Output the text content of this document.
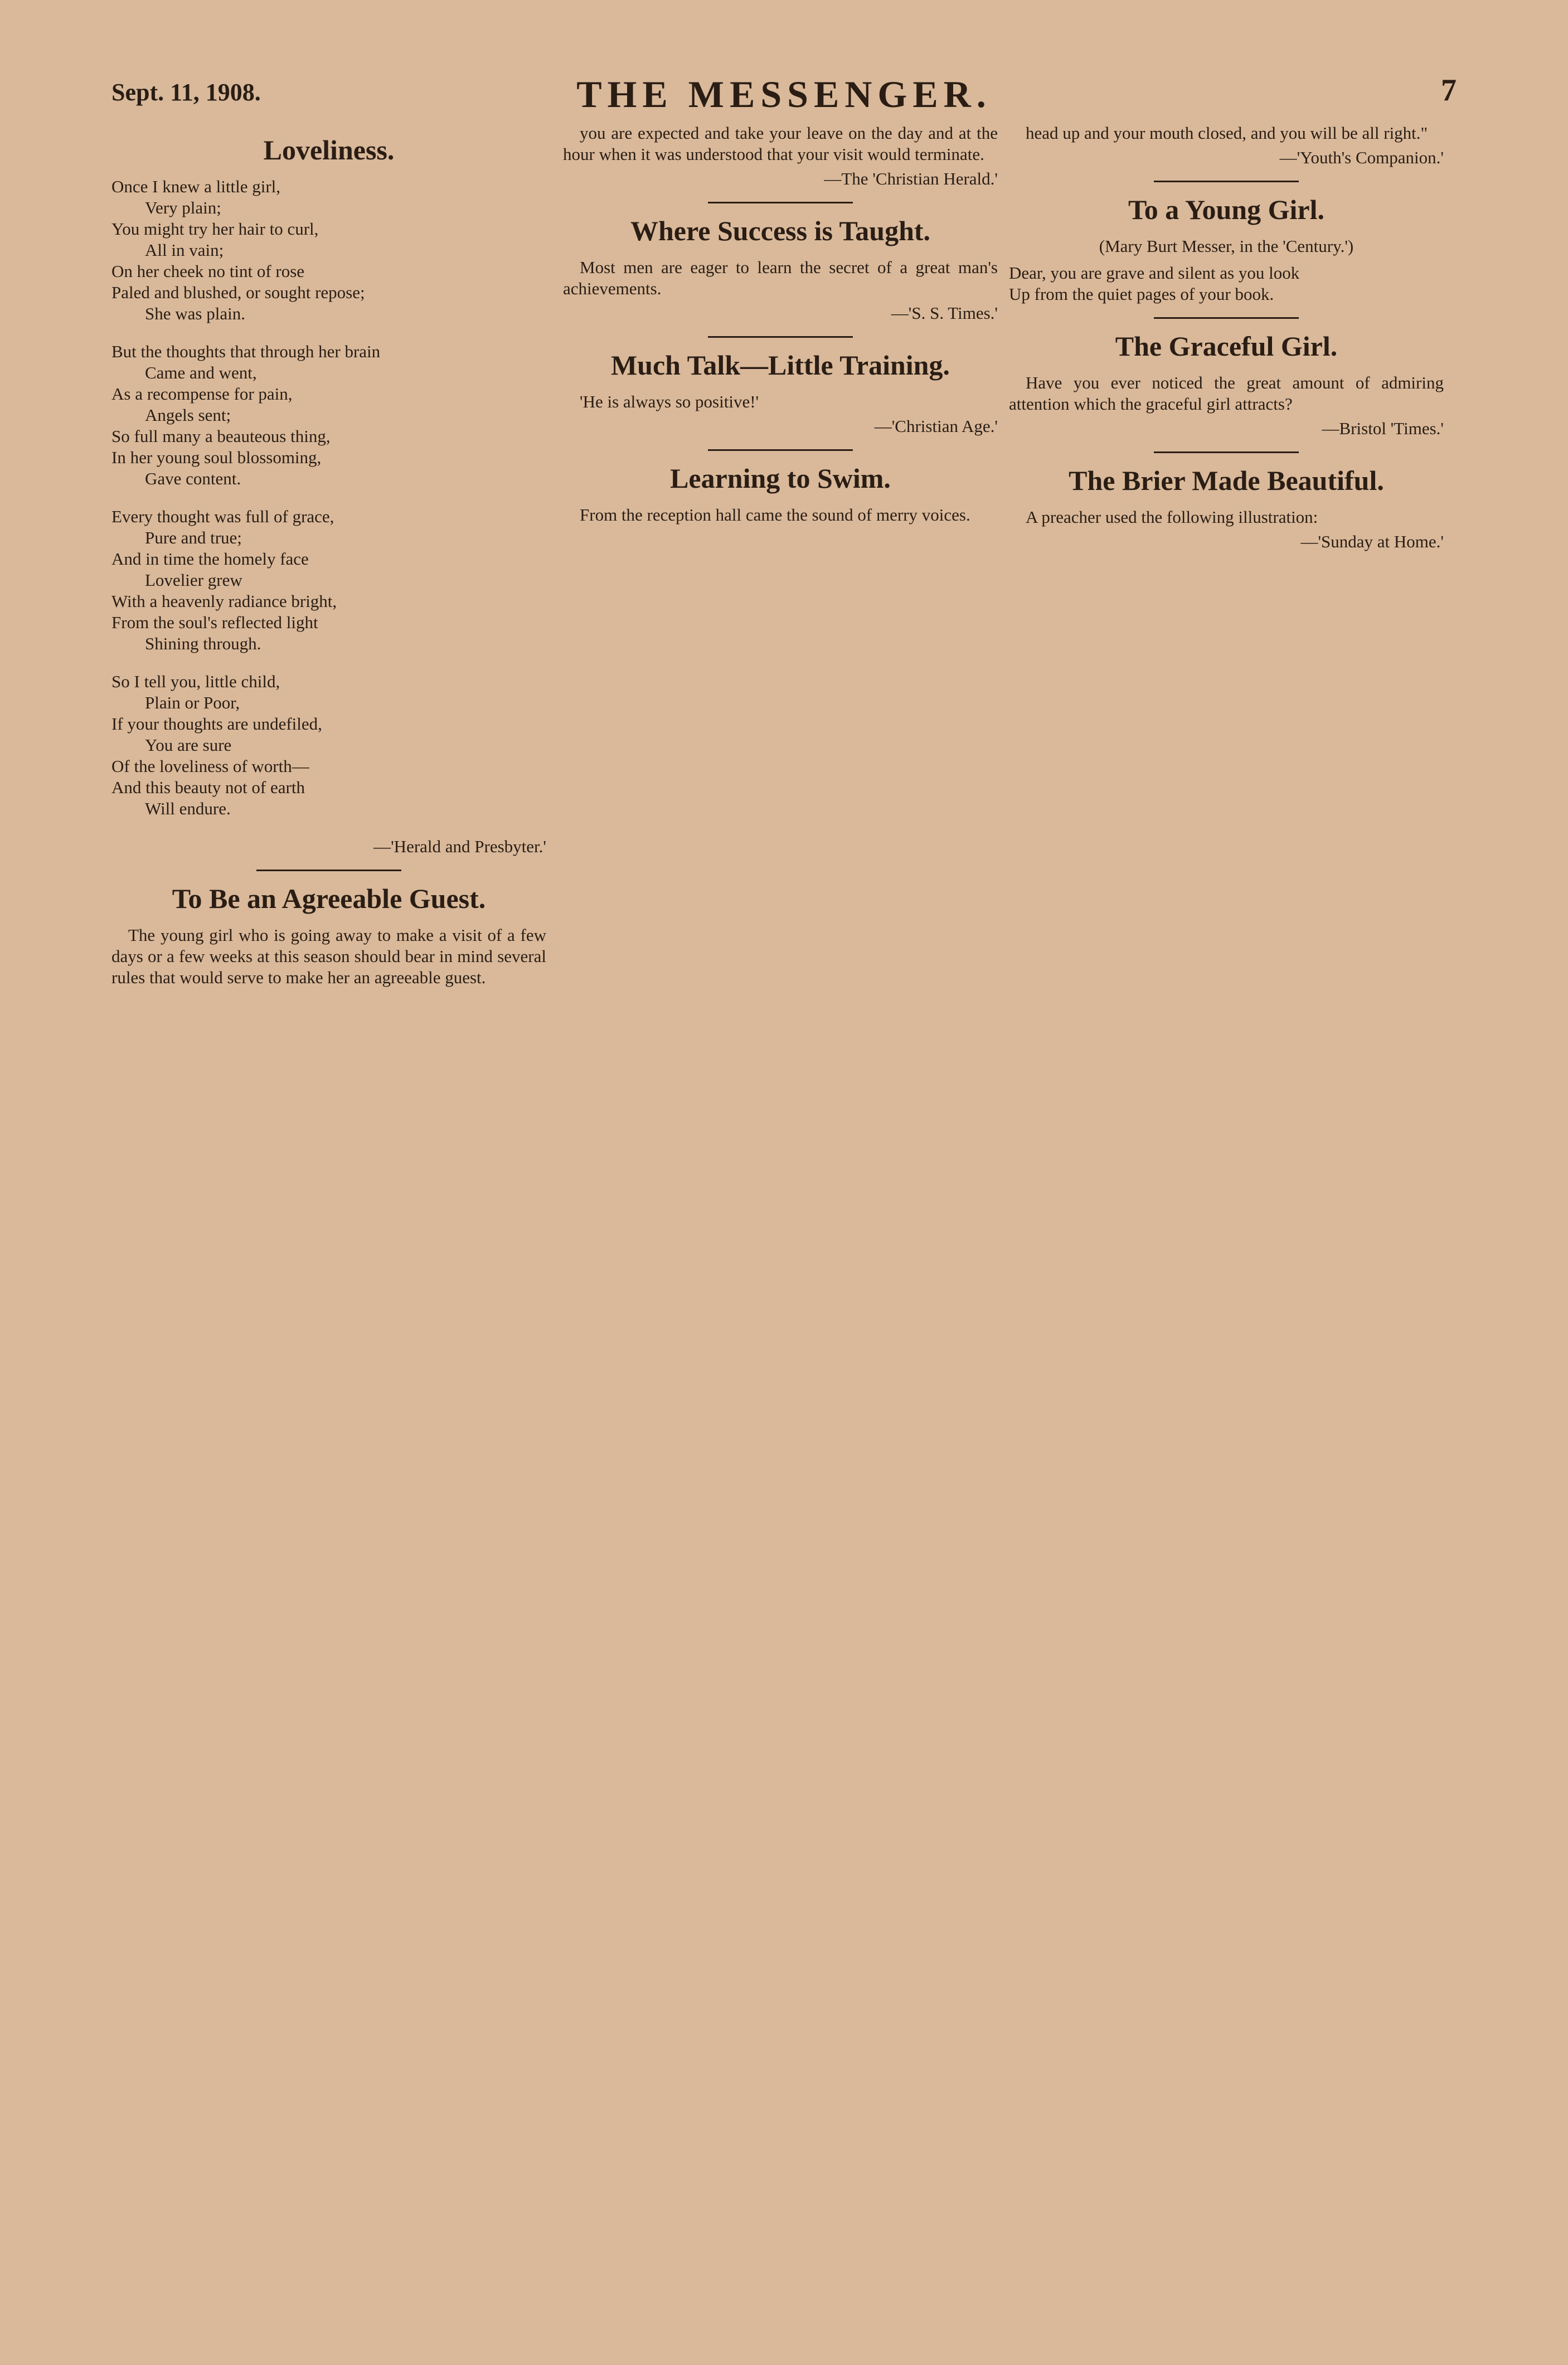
Sept. 11, 1908.	THE MESSENGER.	7
Loveliness.

Once I knew a little girl,

Very plain;

You might try her hair to curl,

All in vain;

On her cheek no tint of rose

Paled and blushed, or sought repose;

She was plain.

But the thoughts that through her brain

Came and went,

As a recompense for pain,

Angels sent;

So full many a beauteous thing,

In her young soul blossoming,

Gave content.

Every thought was full of grace,

Pure and true;

And in time the homely face

Lovelier grew

With a heavenly radiance bright,

From the soul's reflected light

Shining through.

So I tell you, little child,

Plain or Poor,

If your thoughts are undefiled,

You are sure

Of the loveliness of worth—

And this beauty not of earth

Will endure.

—'Herald and Presbyter.'
To Be an Agreeable Guest.

The young girl who is going away to make a visit of a few days or a few weeks at this season should bear in mind several rules that would serve to make her an agreeable guest.

you are expected and take your leave on the day and at the hour when it was understood that your visit would terminate.

—The 'Christian Herald.'
Where Success is Taught.

Most men are eager to learn the secret of a great man's achievements.

—'S. S. Times.'
Much Talk—Little Training.

'He is always so positive!'

—'Christian Age.'
Learning to Swim.

From the reception hall came the sound of merry voices.

head up and your mouth closed, and you will be all right."

—'Youth's Companion.'
To a Young Girl.
(Mary Burt Messer, in the 'Century.')

Dear, you are grave and silent as you look

Up from the quiet pages of your book.

The Graceful Girl.

Have you ever noticed the great amount of admiring attention which the graceful girl attracts?

—Bristol 'Times.'
The Brier Made Beautiful.

A preacher used the following illustration:

—'Sunday at Home.'
